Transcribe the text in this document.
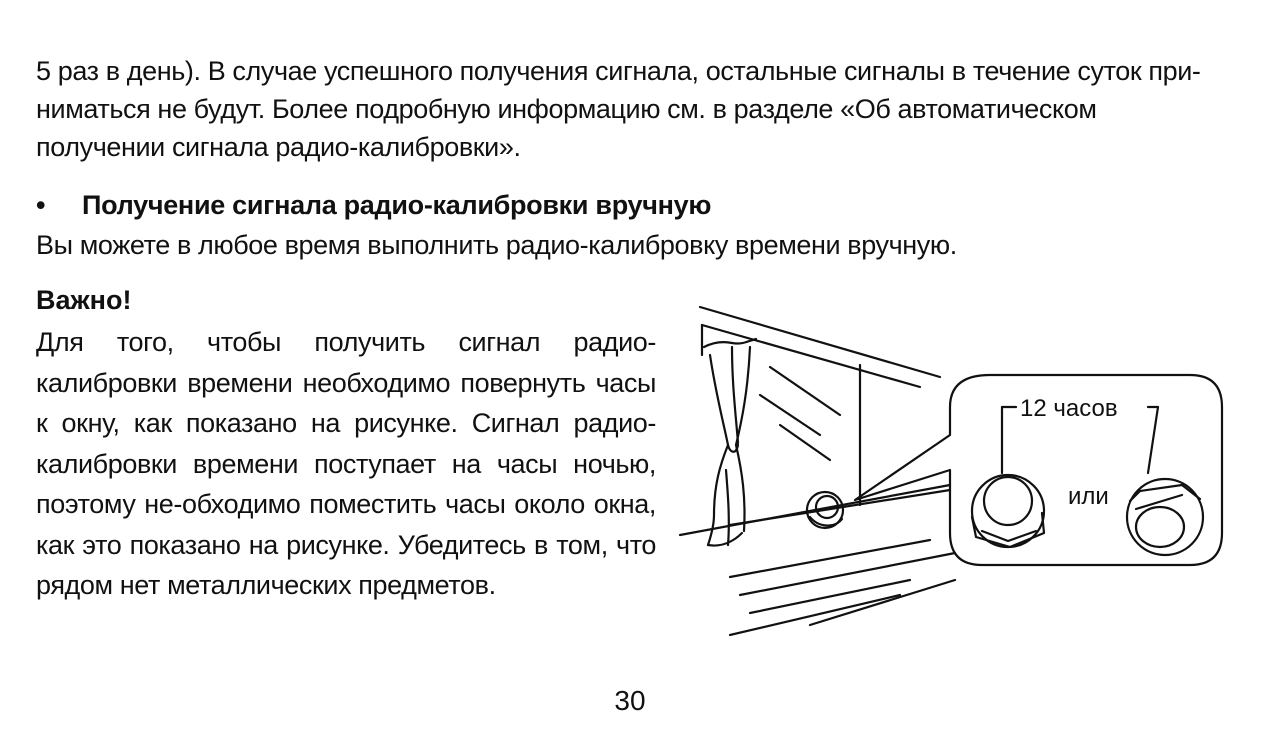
5 раз в день). В случае успешного получения сигнала, остальные сигналы в течение суток при-ниматься не будут. Более подробную информацию см. в разделе «Об автоматическом получении сигнала радио-калибровки».

• Получение сигнала радио-калибровки вручную

Вы можете в любое время выполнить радио-калибровку времени вручную.

Важно!

Для того, чтобы получить сигнал радио-калибровки времени необходимо повернуть часы к окну, как показано на рисунке. Сигнал радио-калибровки времени поступает на часы ночью, поэтому не-обходимо поместить часы около окна, как это показано на рисунке. Убедитесь в том, что рядом нет металлических предметов.

12 часов
или
30
